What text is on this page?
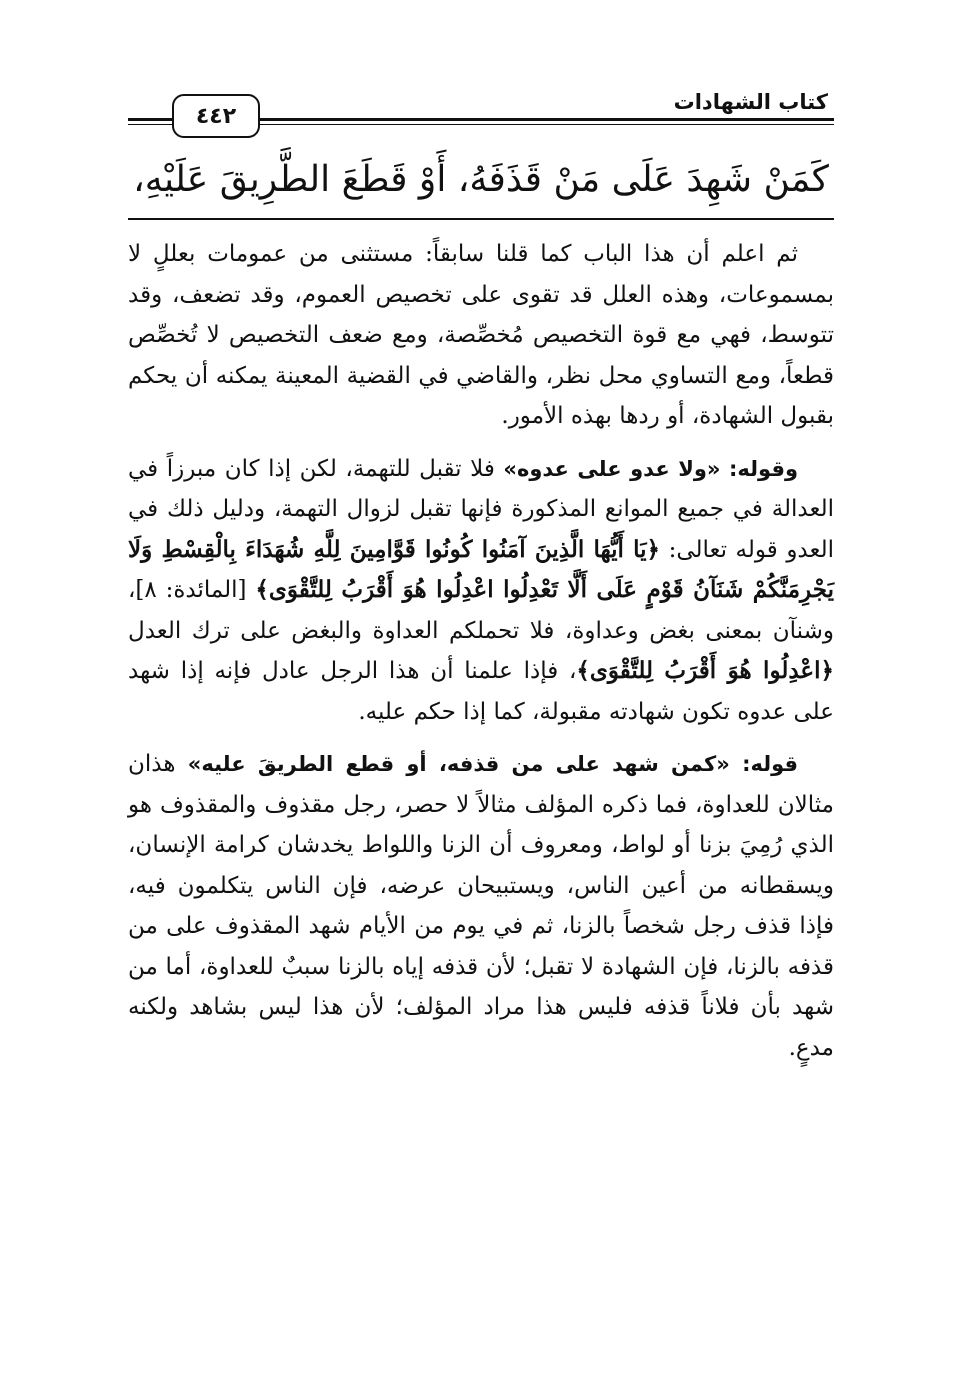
كتاب الشهادات
٤٤٢
كَمَنْ شَهِدَ عَلَى مَنْ قَذَفَهُ، أَوْ قَطَعَ الطَّرِيقَ عَلَيْهِ،

ثم اعلم أن هذا الباب كما قلنا سابقاً: مستثنى من عمومات بعللٍ لا بمسموعات، وهذه العلل قد تقوى على تخصيص العموم، وقد تضعف، وقد تتوسط، فهي مع قوة التخصيص مُخصِّصة، ومع ضعف التخصيص لا تُخصِّص قطعاً، ومع التساوي محل نظر، والقاضي في القضية المعينة يمكنه أن يحكم بقبول الشهادة، أو ردها بهذه الأمور.

وقوله: «ولا عدو على عدوه» فلا تقبل للتهمة، لكن إذا كان مبرزاً في العدالة في جميع الموانع المذكورة فإنها تقبل لزوال التهمة، ودليل ذلك في العدو قوله تعالى: ﴿يَا أَيُّهَا الَّذِينَ آمَنُوا كُونُوا قَوَّامِينَ لِلَّهِ شُهَدَاءَ بِالْقِسْطِ وَلَا يَجْرِمَنَّكُمْ شَنَآنُ قَوْمٍ عَلَى أَلَّا تَعْدِلُوا اعْدِلُوا هُوَ أَقْرَبُ لِلتَّقْوَى﴾ [المائدة: ٨]، وشنآن بمعنى بغض وعداوة، فلا تحملكم العداوة والبغض على ترك العدل ﴿اعْدِلُوا هُوَ أَقْرَبُ لِلتَّقْوَى﴾، فإذا علمنا أن هذا الرجل عادل فإنه إذا شهد على عدوه تكون شهادته مقبولة، كما إذا حكم عليه.

قوله: «كمن شهد على من قذفه، أو قطع الطريقَ عليه» هذان مثالان للعداوة، فما ذكره المؤلف مثالاً لا حصر، رجل مقذوف والمقذوف هو الذي رُمِيَ بزنا أو لواط، ومعروف أن الزنا واللواط يخدشان كرامة الإنسان، ويسقطانه من أعين الناس، ويستبيحان عرضه، فإن الناس يتكلمون فيه، فإذا قذف رجل شخصاً بالزنا، ثم في يوم من الأيام شهد المقذوف على من قذفه بالزنا، فإن الشهادة لا تقبل؛ لأن قذفه إياه بالزنا سببٌ للعداوة، أما من شهد بأن فلاناً قذفه فليس هذا مراد المؤلف؛ لأن هذا ليس بشاهد ولكنه مدعٍ.
